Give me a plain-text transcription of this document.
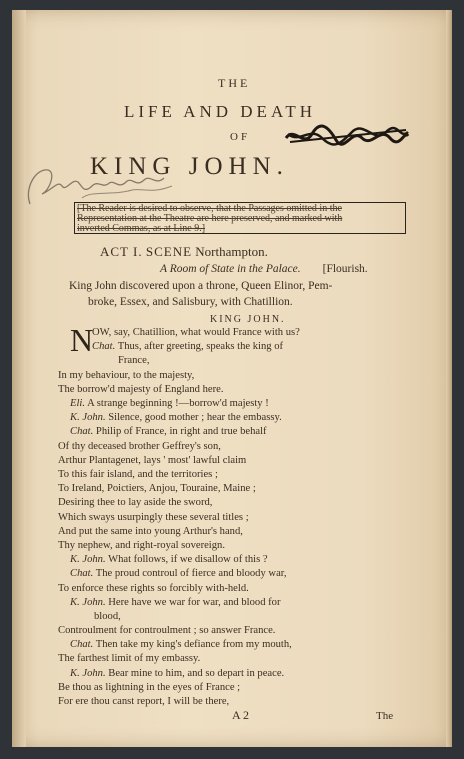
THE
LIFE AND DEATH
OF
KING JOHN.
[The Reader is desired to observe, that the Passages omitted in the
Representation at the Theatre are here preserved, and marked with
inverted Commas, as at Line 9.]
ACT I. SCENE Northampton.
A Room of State in the Palace. [Flourish.
King John discovered upon a throne, Queen Elinor, Pem-
broke, Essex, and Salisbury, with Chatillion.
KING JOHN.
N
OW, say, Chatillion, what would France with us?
Chat. Thus, after greeting, speaks the king of
France,
In my behaviour, to the majesty,
The borrow'd majesty of England here.
Eli. A strange beginning !—borrow'd majesty !
K. John. Silence, good mother ; hear the embassy.
Chat. Philip of France, in right and true behalf
Of thy deceased brother Geffrey's son,
Arthur Plantagenet, lays ' most' lawful claim
To this fair island, and the territories ;
To Ireland, Poictiers, Anjou, Touraine, Maine ;
Desiring thee to lay aside the sword,
Which sways usurpingly these several titles ;
And put the same into young Arthur's hand,
Thy nephew, and right-royal sovereign.
K. John. What follows, if we disallow of this ?
Chat. The proud controul of fierce and bloody war,
To enforce these rights so forcibly with-held.
K. John. Here have we war for war, and blood for
blood,
Controulment for controulment ; so answer France.
Chat. Then take my king's defiance from my mouth,
The farthest limit of my embassy.
K. John. Bear mine to him, and so depart in peace.
Be thou as lightning in the eyes of France ;
For ere thou canst report, I will be there,
A 2	The
